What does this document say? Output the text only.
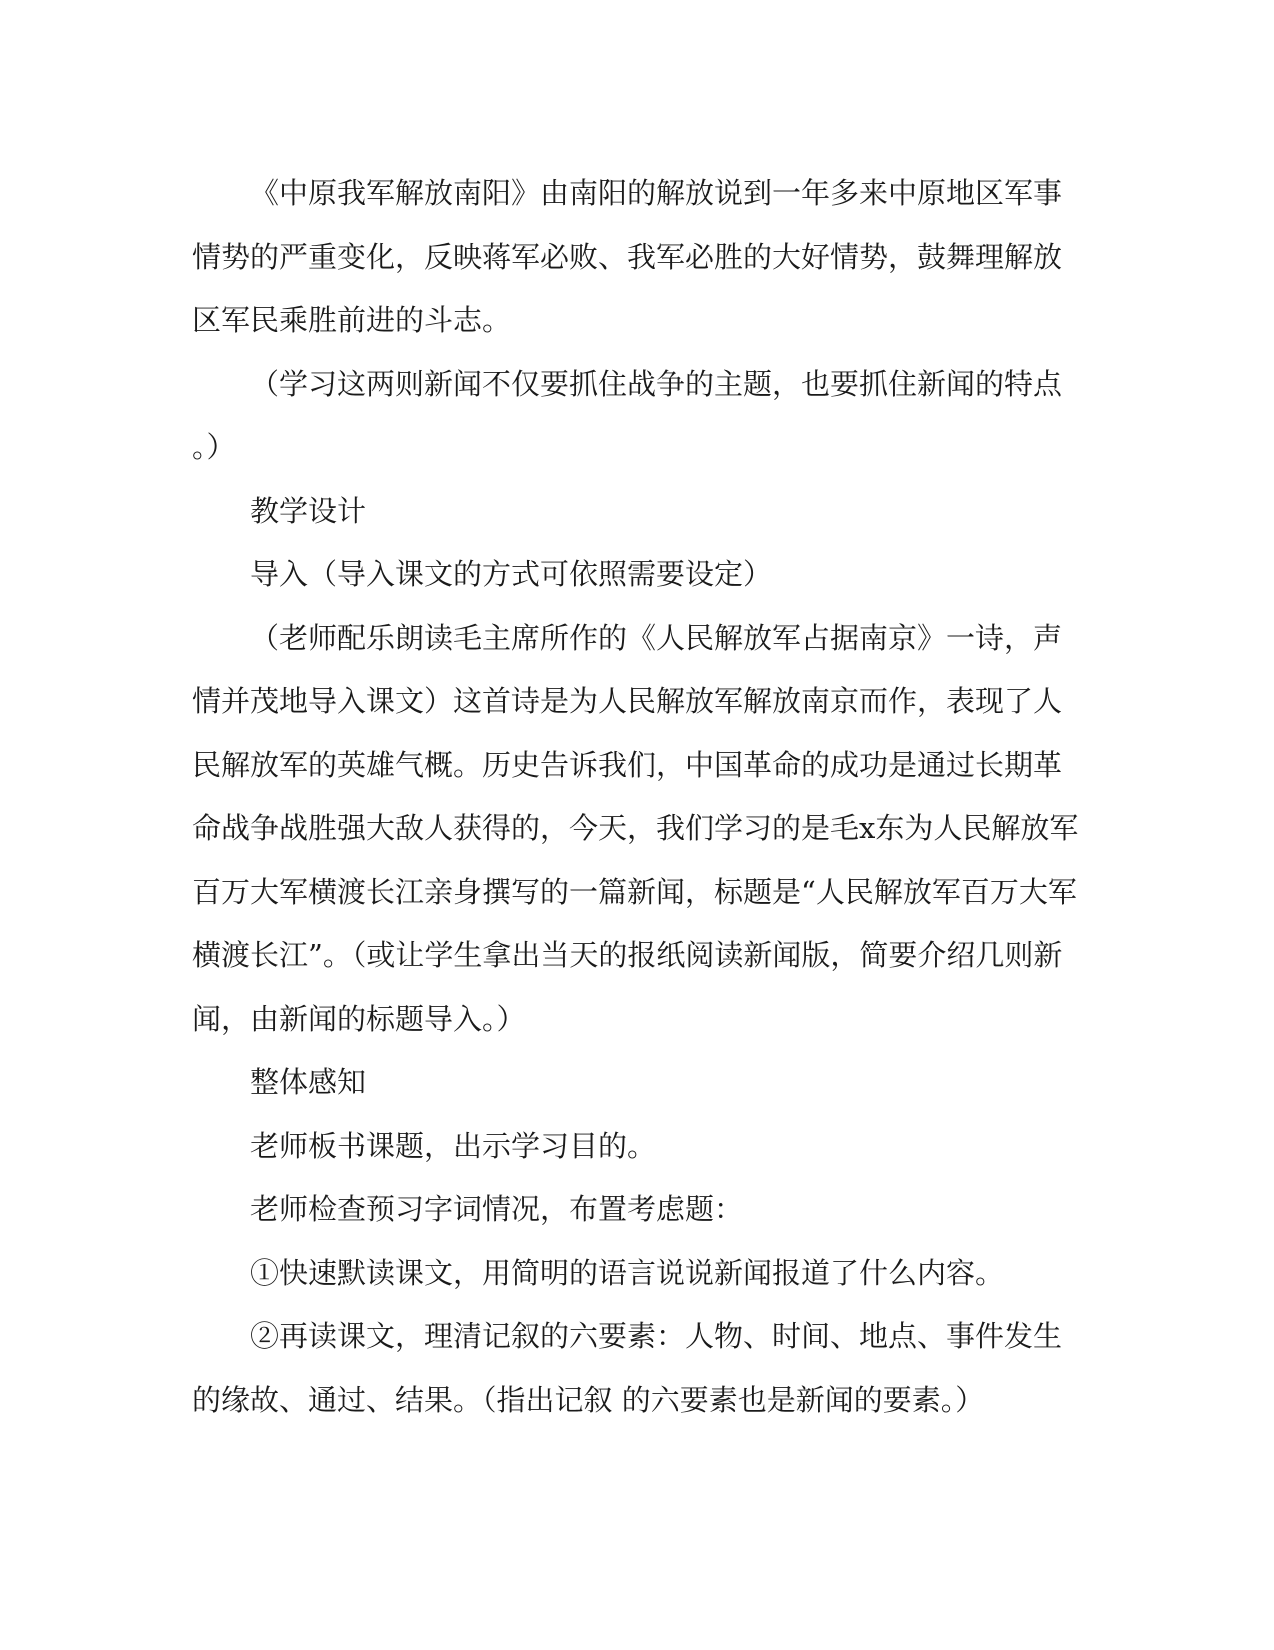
《中原我军解放南阳》由南阳的解放说到一年多来中原地区军事

情势的严重变化，反映蒋军必败、我军必胜的大好情势，鼓舞理解放

区军民乘胜前进的斗志。

（学习这两则新闻不仅要抓住战争的主题，也要抓住新闻的特点

。）

教学设计

导入（导入课文的方式可依照需要设定）

（老师配乐朗读毛主席所作的《人民解放军占据南京》一诗，声

情并茂地导入课文）这首诗是为人民解放军解放南京而作，表现了人

民解放军的英雄气概。历史告诉我们，中国革命的成功是通过长期革

命战争战胜强大敌人获得的，今天，我们学习的是毛x东为人民解放军

百万大军横渡长江亲身撰写的一篇新闻，标题是“人民解放军百万大军

横渡长江”。（或让学生拿出当天的报纸阅读新闻版，简要介绍几则新

闻，由新闻的标题导入。）

整体感知

老师板书课题，出示学习目的。

老师检查预习字词情况，布置考虑题：

①快速默读课文，用简明的语言说说新闻报道了什么内容。

②再读课文，理清记叙的六要素：人物、时间、地点、事件发生

的缘故、通过、结果。（指出记叙 的六要素也是新闻的要素。）
